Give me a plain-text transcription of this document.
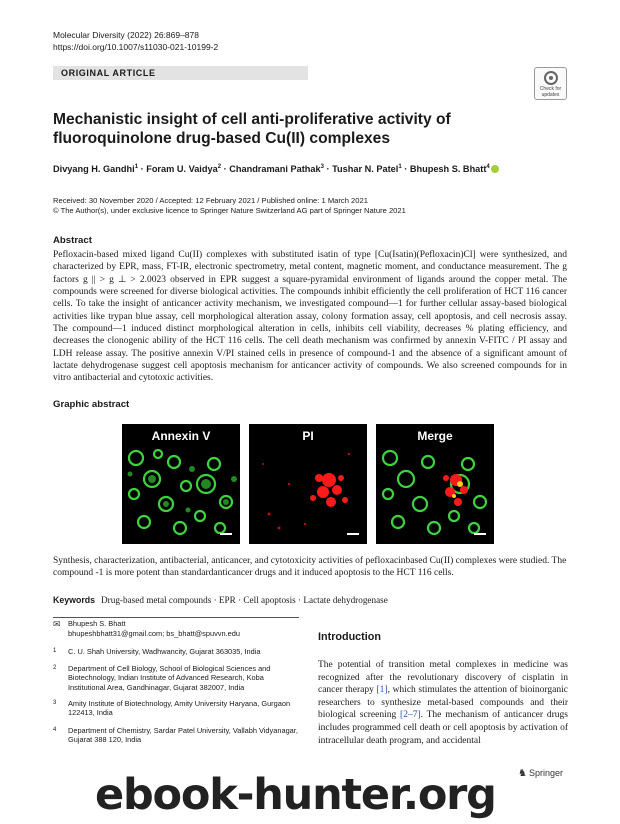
Molecular Diversity (2022) 26:869–878
https://doi.org/10.1007/s11030-021-10199-2
ORIGINAL ARTICLE
Check for updates
Mechanistic insight of cell anti-proliferative activity of fluoroquinolone drug-based Cu(II) complexes
Divyang H. Gandhi$^1$ · Foram U. Vaidya$^2$ · Chandramani Pathak$^3$ · Tushar N. Patel$^1$ · Bhupesh S. Bhatt$^4$
Received: 30 November 2020 / Accepted: 12 February 2021 / Published online: 1 March 2021
© The Author(s), under exclusive licence to Springer Nature Switzerland AG part of Springer Nature 2021
Abstract
Pefloxacin-based mixed ligand Cu(II) complexes with substituted isatin of type [Cu(Isatin)(Pefloxacin)Cl] were synthesized, and characterized by EPR, mass, FT-IR, electronic spectrometry, metal content, magnetic moment, and conductance measurement. The g factors g || > g ⊥ > 2.0023 observed in EPR suggest a square-pyramidal environment of ligands around the copper metal. The compounds were screened for diverse biological activities. The compounds inhibit efficiently the cell proliferation of HCT 116 cancer cells. To take the insight of anticancer activity mechanism, we investigated compound—1 for further cellular assay-based biological activities like trypan blue assay, cell morphological alteration assay, colony formation assay, cell apoptosis, and cell necrosis assay. The compound—1 induced distinct morphological alteration in cells, inhibits cell viability, decreases % plating efficiency, and decreases the clonogenic ability of the HCT 116 cells. The cell death mechanism was confirmed by annexin V-FITC / PI assay and LDH release assay. The positive annexin V/PI stained cells in presence of compound-1 and the absence of a significant amount of lactate dehydrogenase suggest cell apoptosis mechanism for anticancer activity of compounds. We also screened compounds for in vitro antibacterial and cytotoxic activities.
Graphic abstract
Annexin V	PI	Merge
Synthesis, characterization, antibacterial, anticancer, and cytotoxicity activities of pefloxacinbased Cu(II) complexes were studied. The compound -1 is more potent than standardanticancer drugs and it induced apoptosis to the HCT 116 cells.
Keywords Drug-based metal compounds · EPR · Cell apoptosis · Lactate dehydrogenase
✉ Bhupesh S. Bhatt
bhupeshbhatt31@gmail.com; bs_bhatt@spuvvn.edu
1 C. U. Shah University, Wadhwancity, Gujarat 363035, India
2 Department of Cell Biology, School of Biological Sciences and Biotechnology, Indian Institute of Advanced Research, Koba Institutional Area, Gandhinagar, Gujarat 382007, India
3 Amity Institute of Biotechnology, Amity University Haryana, Gurgaon 122413, India
4 Department of Chemistry, Sardar Patel University, Vallabh Vidyanagar, Gujarat 388 120, India
Introduction
The potential of transition metal complexes in medicine was recognized after the revolutionary discovery of cisplatin in cancer therapy [1], which stimulates the attention of bioinorganic researchers to synthesize metal-based compounds and their biological screening [2–7]. The mechanism of anticancer drugs includes programmed cell death or cell apoptosis by activation of intracellular death program, and accidental
♞ Springer
ebook-hunter.org
